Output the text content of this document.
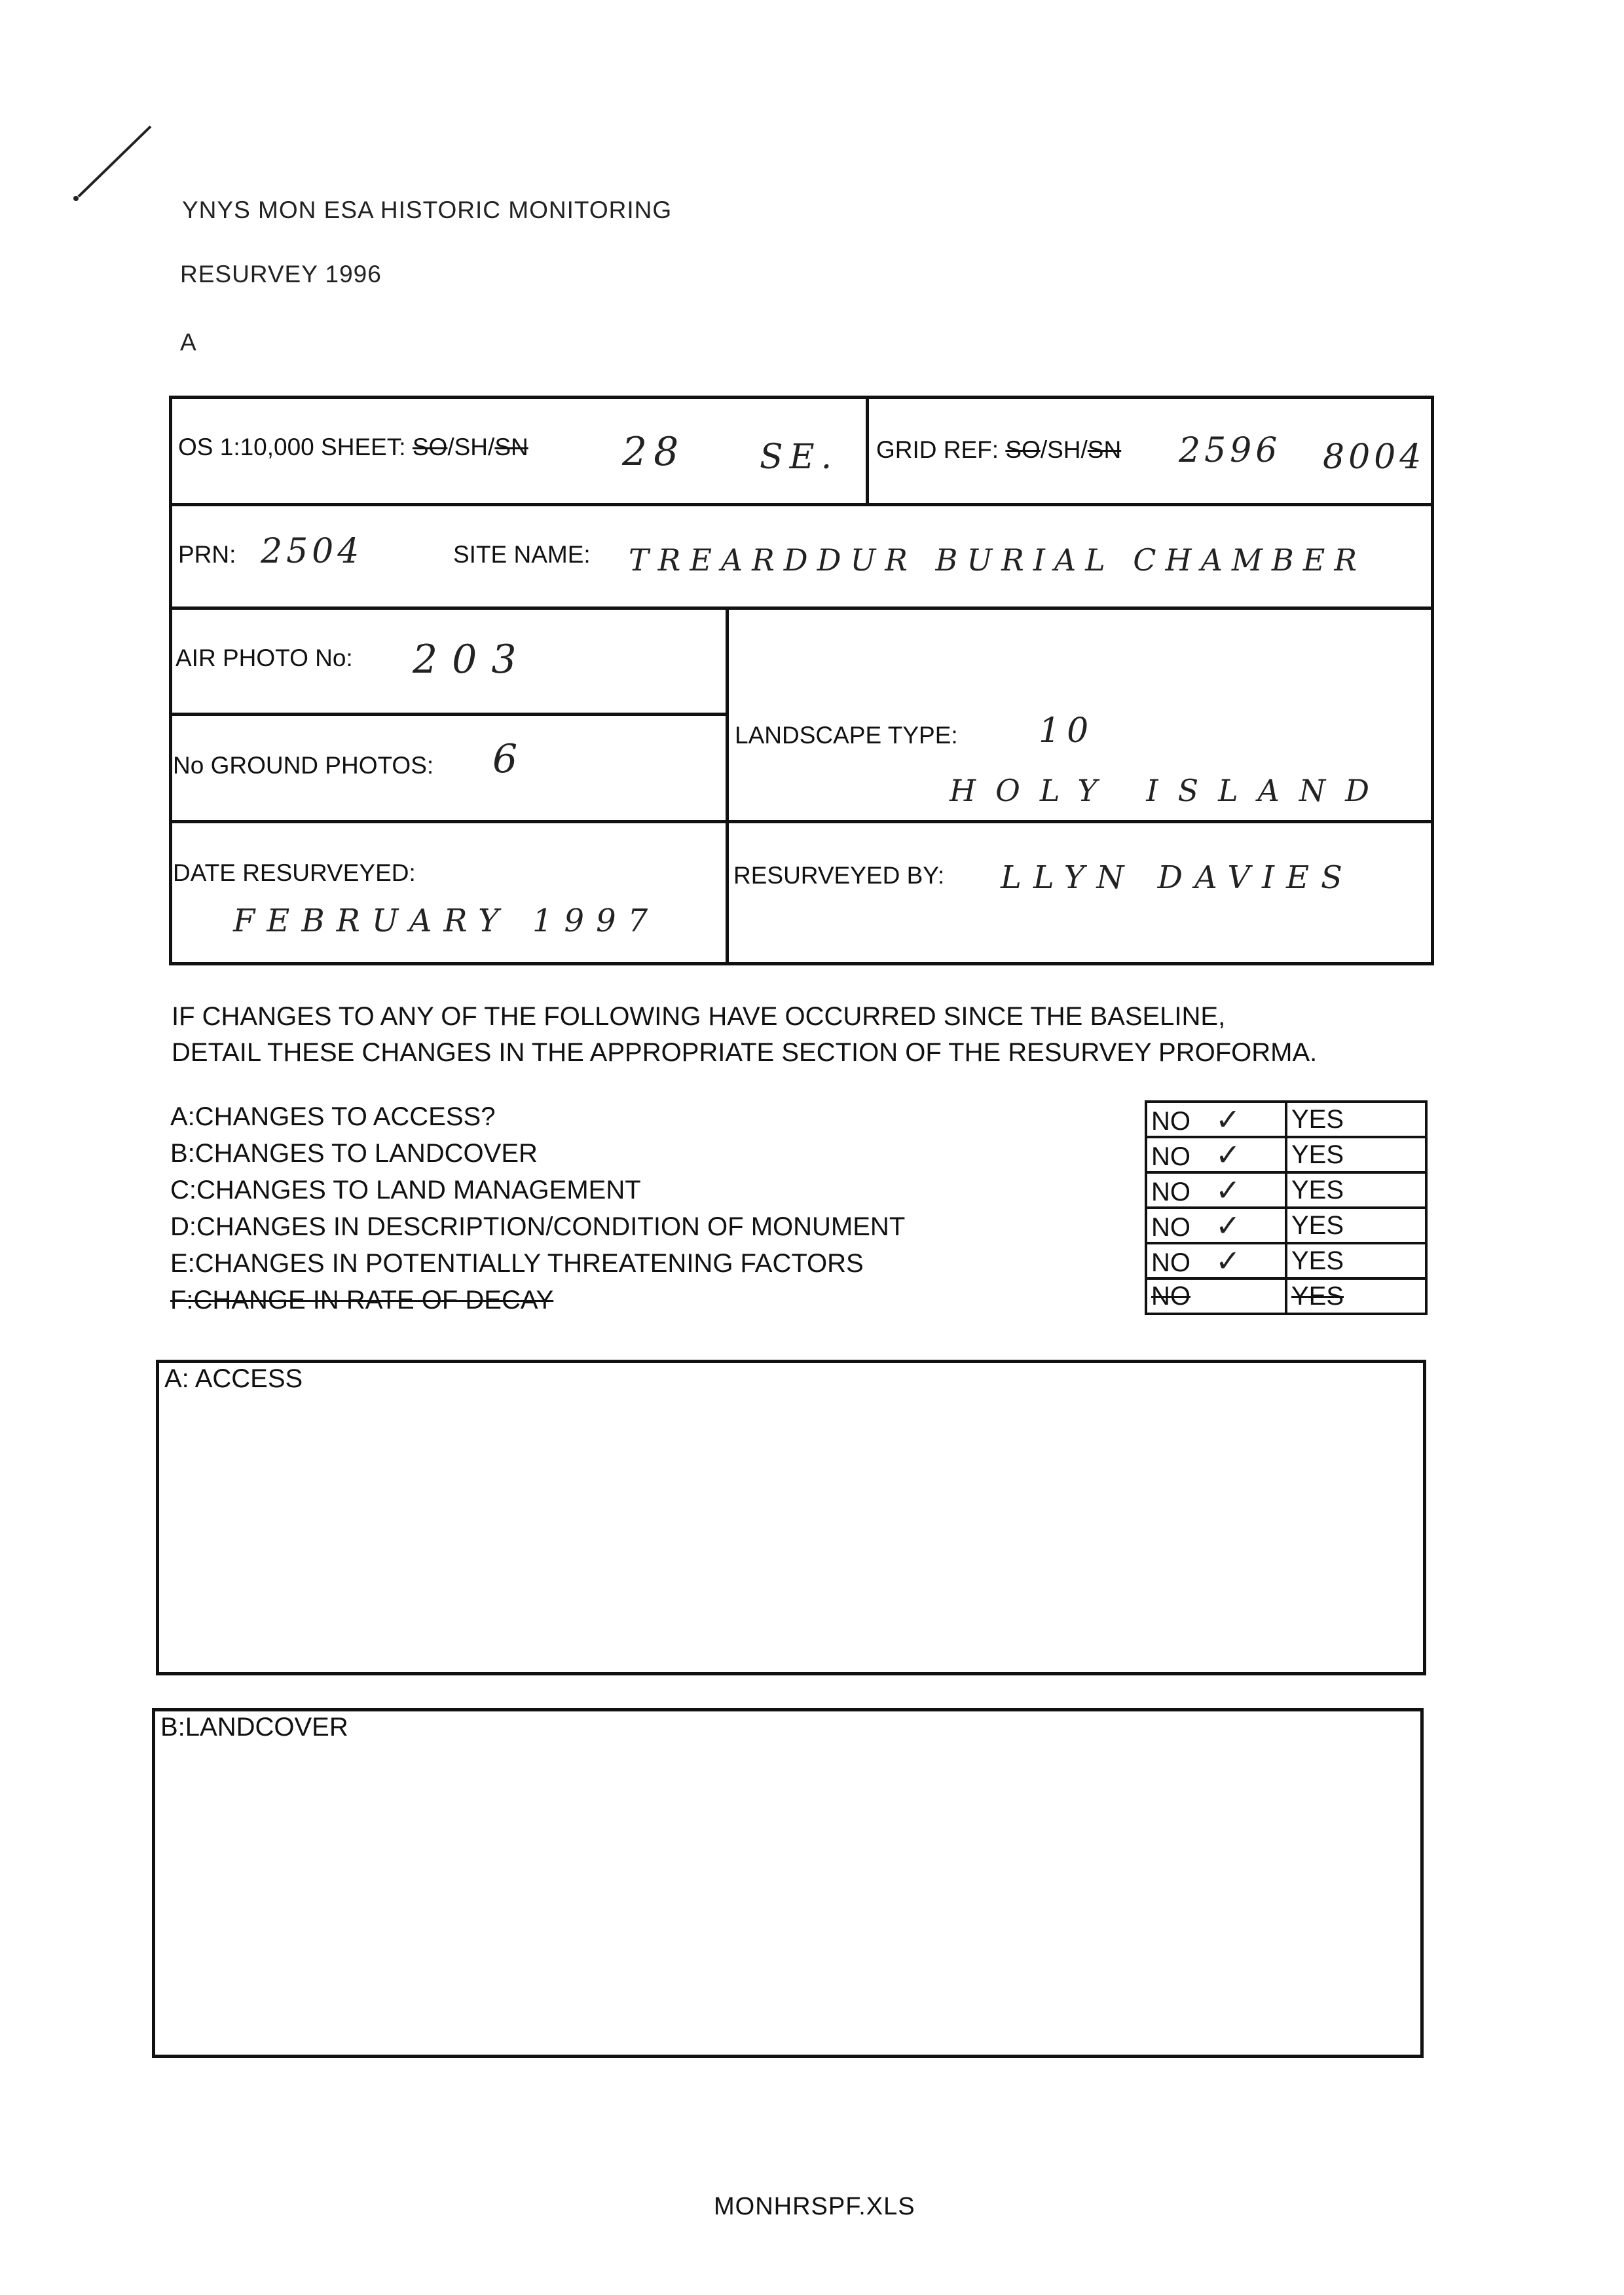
YNYS MON ESA HISTORIC MONITORING
RESURVEY 1996
A
OS 1:10,000 SHEET: SO/SH/SN 28 SE. GRID REF: SO/SH/SN 2596 8004
PRN: 2504	SITE NAME: TREARDDUR BURIAL CHAMBER
AIR PHOTO No: 203
No GROUND PHOTOS: 6
LANDSCAPE TYPE: 10
HOLY ISLAND
DATE RESURVEYED:
FEBRUARY 1997
RESURVEYED BY: LLYN DAVIES
IF CHANGES TO ANY OF THE FOLLOWING HAVE OCCURRED SINCE THE BASELINE,
DETAIL THESE CHANGES IN THE APPROPRIATE SECTION OF THE RESURVEY PROFORMA.
A:CHANGES TO ACCESS?
B:CHANGES TO LANDCOVER
C:CHANGES TO LAND MANAGEMENT
D:CHANGES IN DESCRIPTION/CONDITION OF MONUMENT
E:CHANGES IN POTENTIALLY THREATENING FACTORS
F:CHANGE IN RATE OF DECAY
NO ✓	YES
NO ✓	YES
NO ✓	YES
NO ✓	YES
NO ✓	YES
NO	YES
A: ACCESS
B:LANDCOVER
MONHRSPF.XLS
